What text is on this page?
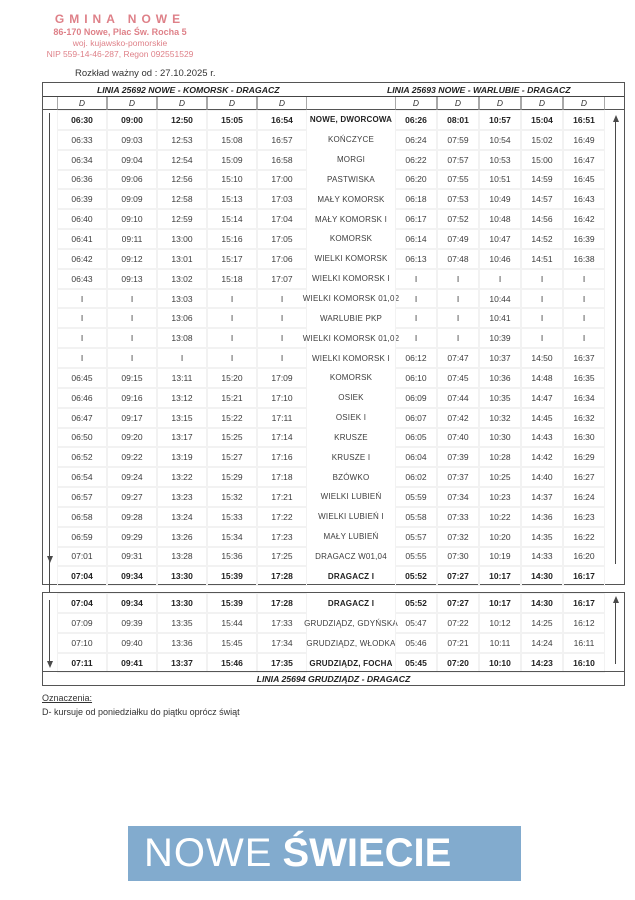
GMINA NOWE
86-170 Nowe, Plac Św. Rocha 5
woj. kujawsko-pomorskie
NIP 559-14-46-287, Regon 092551529
Rozkład ważny od : 27.10.2025 r.
LINIA 25692 NOWE - KOMORSK - DRAGACZ	LINIA 25693 NOWE - WARLUBIE - DRAGACZ
D	D	D	D	D	D	D	D	D	D
06:30	09:00	12:50	15:05	16:54	NOWE, DWORCOWA	06:26	08:01	10:57	15:04	16:51
06:33	09:03	12:53	15:08	16:57	KOŃCZYCE	06:24	07:59	10:54	15:02	16:49
06:34	09:04	12:54	15:09	16:58	MORGI	06:22	07:57	10:53	15:00	16:47
06:36	09:06	12:56	15:10	17:00	PASTWISKA	06:20	07:55	10:51	14:59	16:45
06:39	09:09	12:58	15:13	17:03	MAŁY KOMORSK	06:18	07:53	10:49	14:57	16:43
06:40	09:10	12:59	15:14	17:04	MAŁY KOMORSK I	06:17	07:52	10:48	14:56	16:42
06:41	09:11	13:00	15:16	17:05	KOMORSK	06:14	07:49	10:47	14:52	16:39
06:42	09:12	13:01	15:17	17:06	WIELKI KOMORSK	06:13	07:48	10:46	14:51	16:38
06:43	09:13	13:02	15:18	17:07	WIELKI KOMORSK I	I	I	I	I	I
I	I	13:03	I	I	WIELKI KOMORSK 01,02	I	I	10:44	I	I
I	I	13:06	I	I	WARLUBIE PKP	I	I	10:41	I	I
I	I	13:08	I	I	WIELKI KOMORSK 01,02	I	I	10:39	I	I
I	I	I	I	I	WIELKI KOMORSK I	06:12	07:47	10:37	14:50	16:37
06:45	09:15	13:11	15:20	17:09	KOMORSK	06:10	07:45	10:36	14:48	16:35
06:46	09:16	13:12	15:21	17:10	OSIEK	06:09	07:44	10:35	14:47	16:34
06:47	09:17	13:15	15:22	17:11	OSIEK I	06:07	07:42	10:32	14:45	16:32
06:50	09:20	13:17	15:25	17:14	KRUSZE	06:05	07:40	10:30	14:43	16:30
06:52	09:22	13:19	15:27	17:16	KRUSZE I	06:04	07:39	10:28	14:42	16:29
06:54	09:24	13:22	15:29	17:18	BZÓWKO	06:02	07:37	10:25	14:40	16:27
06:57	09:27	13:23	15:32	17:21	WIELKI LUBIEŃ	05:59	07:34	10:23	14:37	16:24
06:58	09:28	13:24	15:33	17:22	WIELKI LUBIEŃ I	05:58	07:33	10:22	14:36	16:23
06:59	09:29	13:26	15:34	17:23	MAŁY LUBIEŃ	05:57	07:32	10:20	14:35	16:22
07:01	09:31	13:28	15:36	17:25	DRAGACZ W01,04	05:55	07:30	10:19	14:33	16:20
07:04	09:34	13:30	15:39	17:28	DRAGACZ I	05:52	07:27	10:17	14:30	16:17
07:04	09:34	13:30	15:39	17:28	DRAGACZ I	05:52	07:27	10:17	14:30	16:17
07:09	09:39	13:35	15:44	17:33	GRUDZIĄDZ, GDYŃSKA 05:47	07:22	10:12	14:25	16:12
07:10	09:40	13:36	15:45	17:34	GRUDZIĄDZ, WŁODKA	05:46	07:21	10:11	14:24	16:11
07:11	09:41	13:37	15:46	17:35	GRUDZIĄDZ, FOCHA	05:45	07:20	10:10	14:23	16:10
LINIA 25694 GRUDZIĄDZ - DRAGACZ
Oznaczenia:
D- kursuje od poniedziałku do piątku oprócz świąt
NOWE ŚWIECIE
